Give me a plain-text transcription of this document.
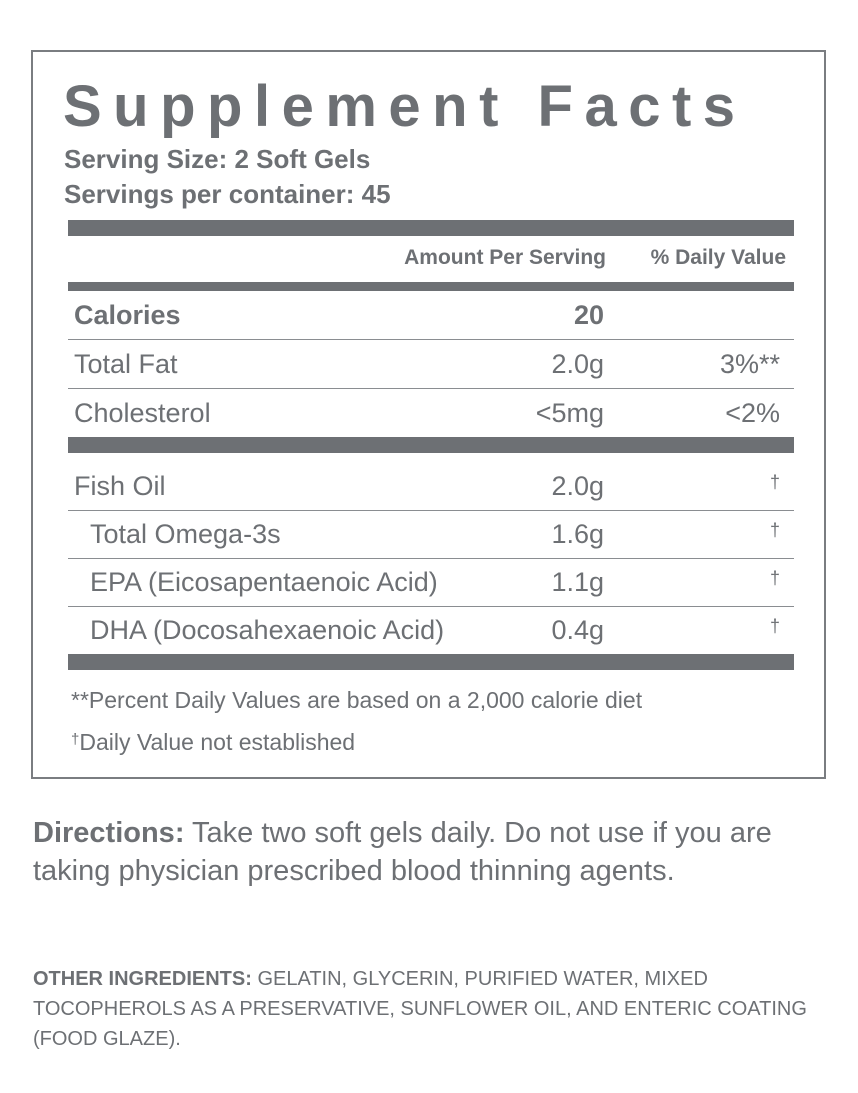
Supplement Facts
Serving Size: 2 Soft Gels
Servings per container: 45
Amount Per Serving % Daily Value
Calories	20
Total Fat	2.0g	3%**
Cholesterol	<5mg	<2%
Fish Oil	2.0g	†
Total Omega-3s	1.6g	†
EPA (Eicosapentaenoic Acid)	1.1g	†
DHA (Docosahexaenoic Acid)	0.4g	†
**Percent Daily Values are based on a 2,000 calorie diet
†Daily Value not established
Directions: Take two soft gels daily. Do not use if you are taking physician prescribed blood thinning agents.
OTHER INGREDIENTS: GELATIN, GLYCERIN, PURIFIED WATER, MIXED TOCOPHEROLS AS A PRESERVATIVE, SUNFLOWER OIL, AND ENTERIC COATING (FOOD GLAZE).
